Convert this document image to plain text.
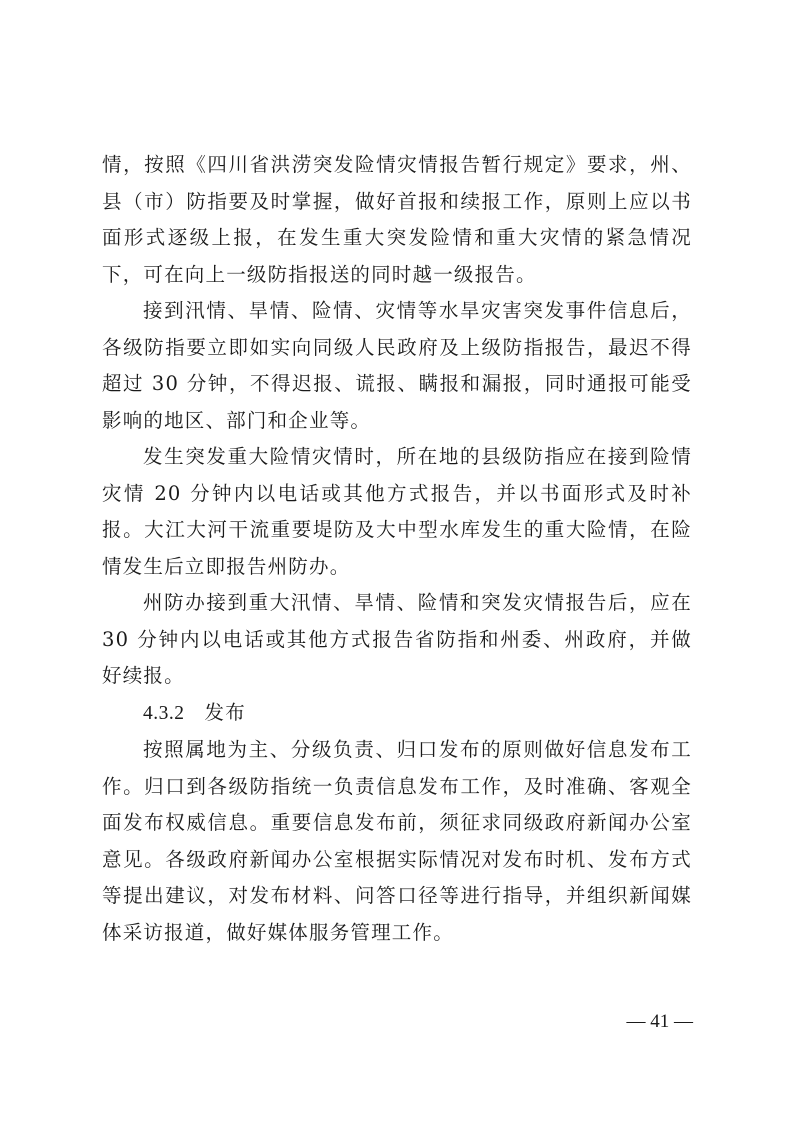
情，按照《四川省洪涝突发险情灾情报告暂行规定》要求，州、县（市）防指要及时掌握，做好首报和续报工作，原则上应以书面形式逐级上报，在发生重大突发险情和重大灾情的紧急情况下，可在向上一级防指报送的同时越一级报告。

接到汛情、旱情、险情、灾情等水旱灾害突发事件信息后，各级防指要立即如实向同级人民政府及上级防指报告，最迟不得超过 30 分钟，不得迟报、谎报、瞒报和漏报，同时通报可能受影响的地区、部门和企业等。

发生突发重大险情灾情时，所在地的县级防指应在接到险情灾情 20 分钟内以电话或其他方式报告，并以书面形式及时补报。大江大河干流重要堤防及大中型水库发生的重大险情，在险情发生后立即报告州防办。

州防办接到重大汛情、旱情、险情和突发灾情报告后，应在 30 分钟内以电话或其他方式报告省防指和州委、州政府，并做好续报。

4.3.2 发布

按照属地为主、分级负责、归口发布的原则做好信息发布工作。归口到各级防指统一负责信息发布工作，及时准确、客观全面发布权威信息。重要信息发布前，须征求同级政府新闻办公室意见。各级政府新闻办公室根据实际情况对发布时机、发布方式等提出建议，对发布材料、问答口径等进行指导，并组织新闻媒体采访报道，做好媒体服务管理工作。

— 41 —
